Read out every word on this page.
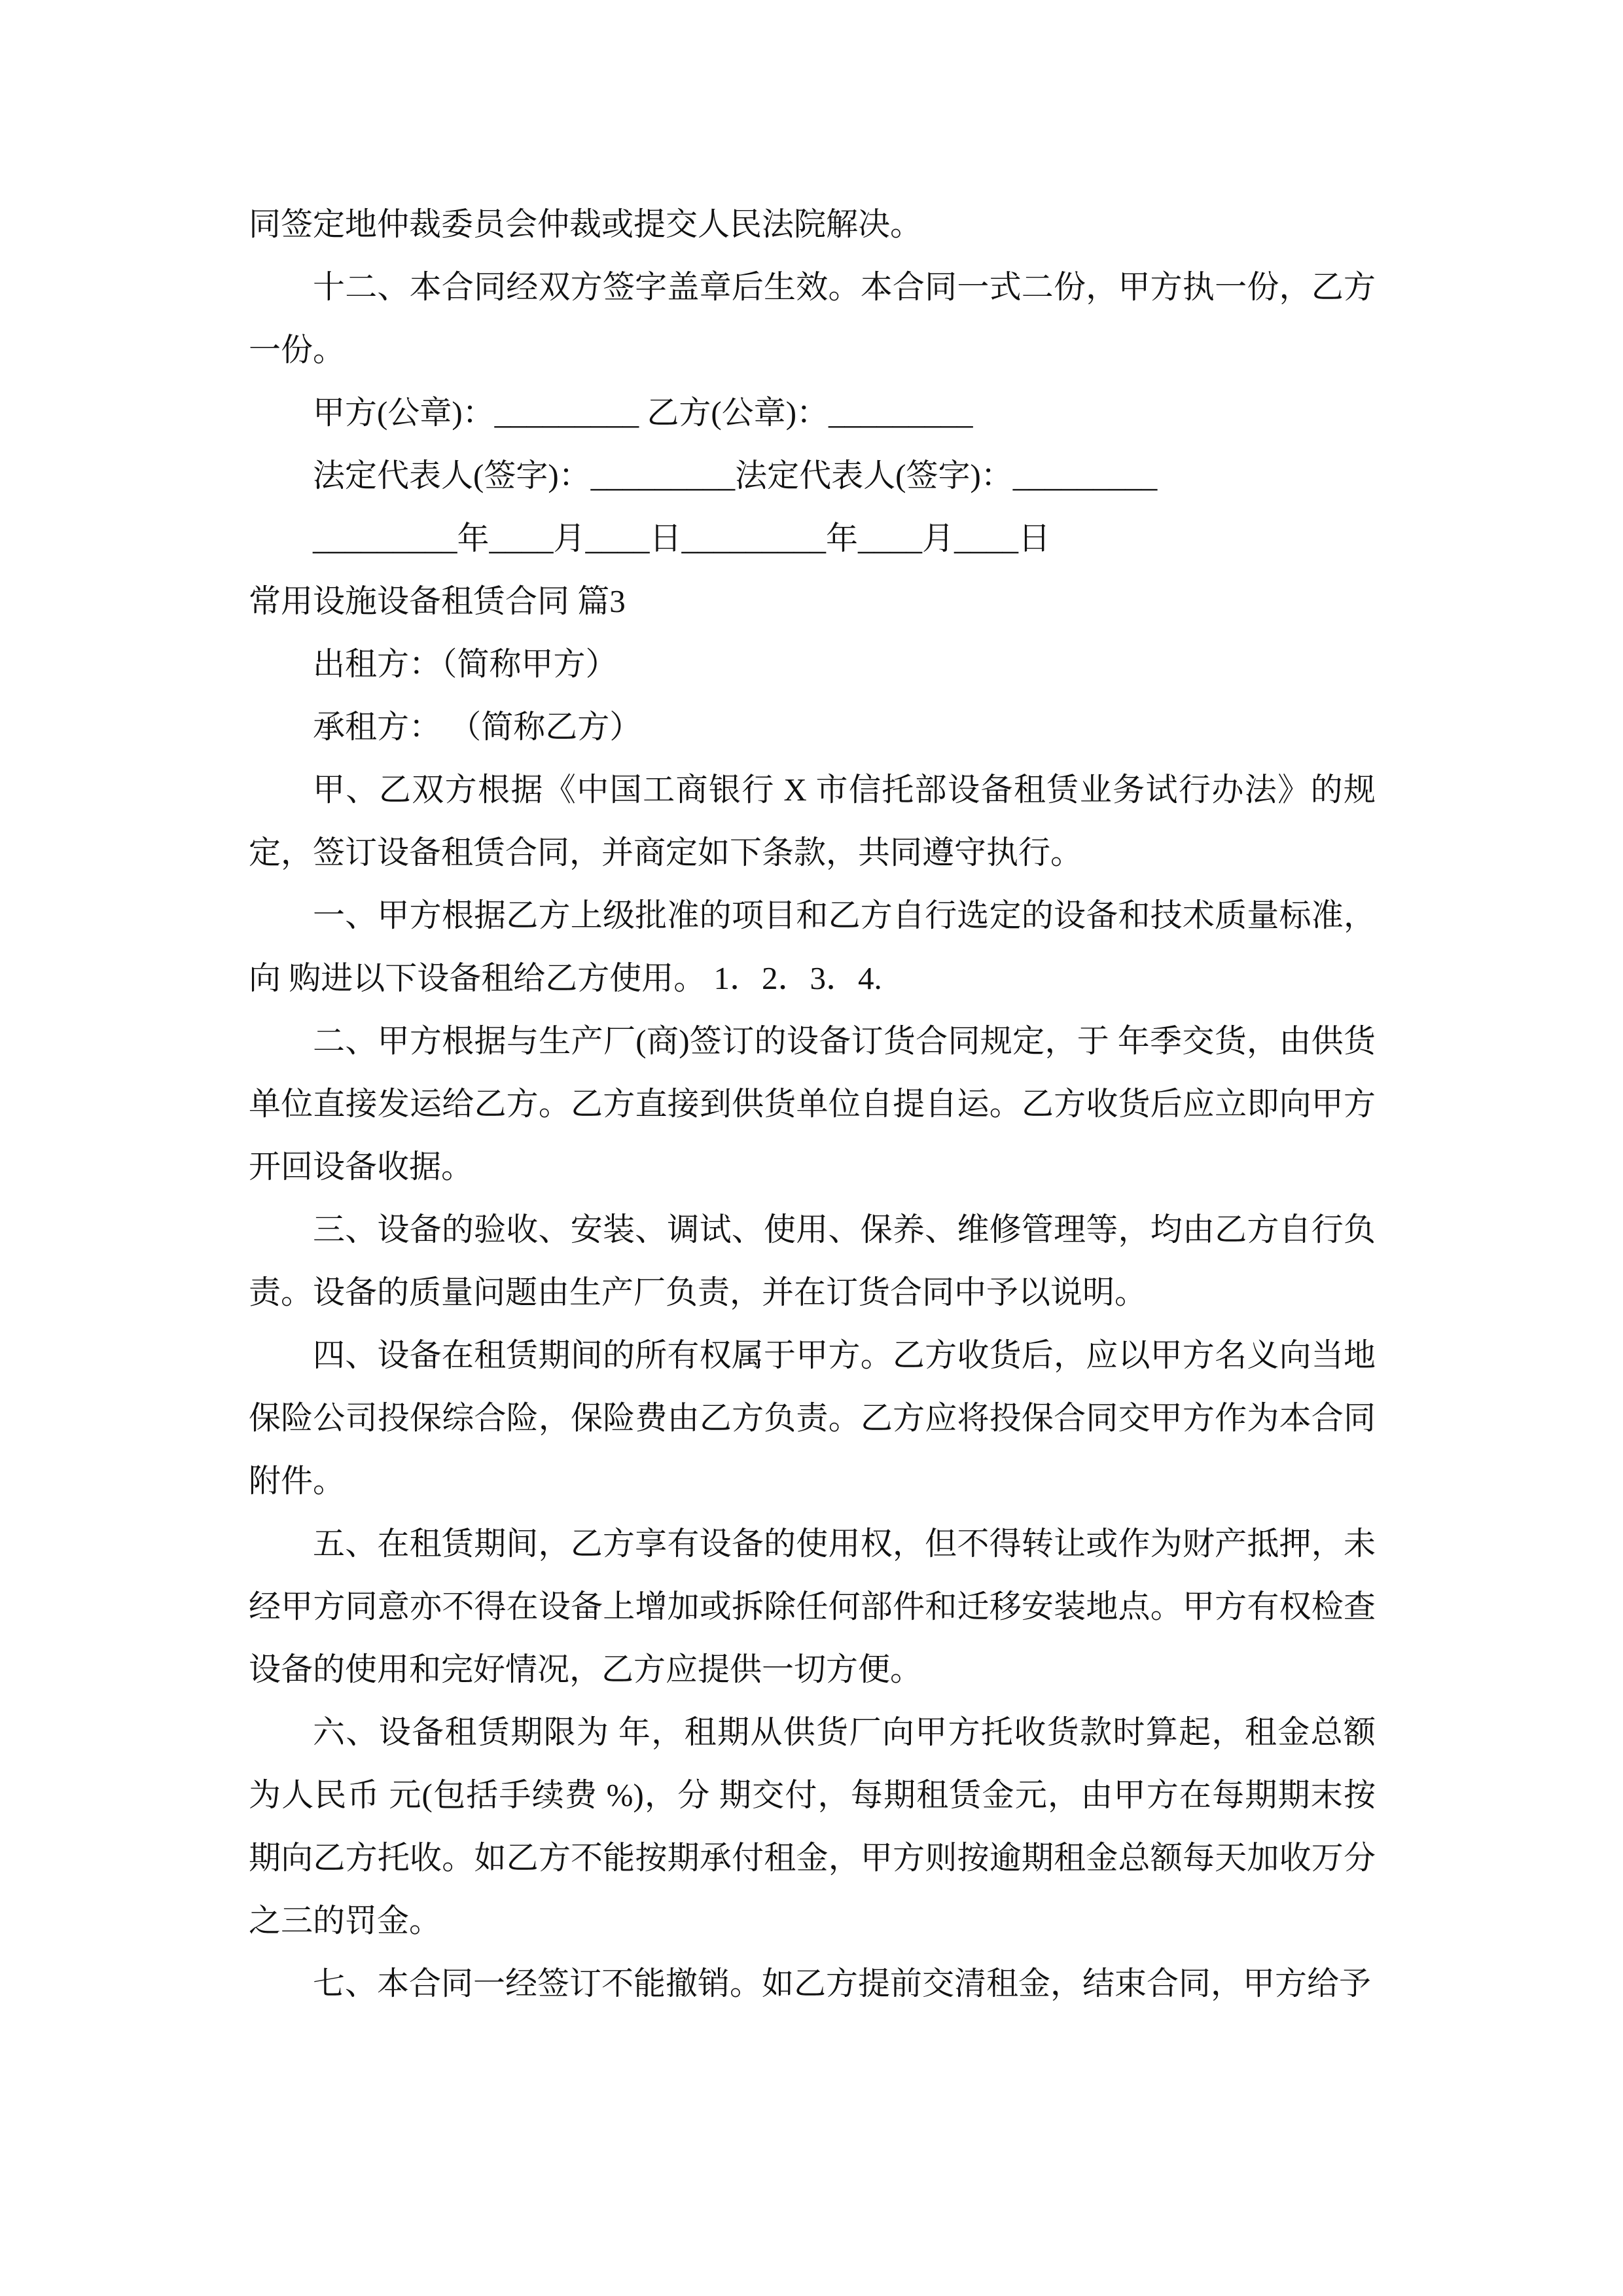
同签定地仲裁委员会仲裁或提交人民法院解决。

十二、本合同经双方签字盖章后生效。本合同一式二份，甲方执一份，乙方一份。

甲方(公章)：_________ 乙方(公章)：_________

法定代表人(签字)：_________法定代表人(签字)：_________

_________年____月____日_________年____月____日

常用设施设备租赁合同 篇3

出租方：（简称甲方）

承租方： （简称乙方）

甲、乙双方根据《中国工商银行 X 市信托部设备租赁业务试行办法》的规定，签订设备租赁合同，并商定如下条款，共同遵守执行。

一、甲方根据乙方上级批准的项目和乙方自行选定的设备和技术质量标准，向 购进以下设备租给乙方使用。 1．2．3．4.

二、甲方根据与生产厂(商)签订的设备订货合同规定，于 年季交货，由供货单位直接发运给乙方。乙方直接到供货单位自提自运。乙方收货后应立即向甲方开回设备收据。

三、设备的验收、安装、调试、使用、保养、维修管理等，均由乙方自行负责。设备的质量问题由生产厂负责，并在订货合同中予以说明。

四、设备在租赁期间的所有权属于甲方。乙方收货后，应以甲方名义向当地保险公司投保综合险，保险费由乙方负责。乙方应将投保合同交甲方作为本合同附件。

五、在租赁期间，乙方享有设备的使用权，但不得转让或作为财产抵押，未经甲方同意亦不得在设备上增加或拆除任何部件和迁移安装地点。甲方有权检查设备的使用和完好情况，乙方应提供一切方便。

六、设备租赁期限为 年，租期从供货厂向甲方托收货款时算起，租金总额为人民币 元(包括手续费 %)，分 期交付，每期租赁金元，由甲方在每期期末按期向乙方托收。如乙方不能按期承付租金，甲方则按逾期租金总额每天加收万分之三的罚金。

七、本合同一经签订不能撤销。如乙方提前交清租金，结束合同，甲方给予
